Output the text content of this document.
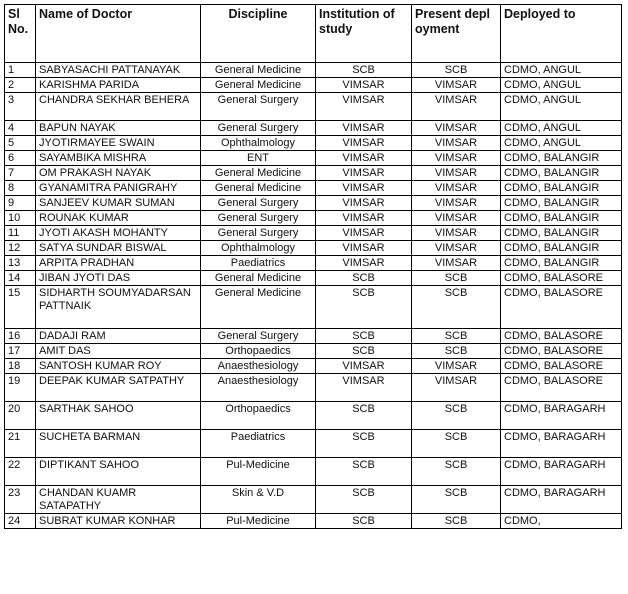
Sl No.	Name of Doctor	Discipline	Institution of study	Present deployment	Deployed to
1	SABYASACHI PATTANAYAK	General Medicine	SCB	SCB	CDMO, ANGUL
2	KARISHMA PARIDA	General Medicine	VIMSAR	VIMSAR	CDMO, ANGUL
3	CHANDRA SEKHAR BEHERA	General Surgery	VIMSAR	VIMSAR	CDMO, ANGUL
4	BAPUN NAYAK	General Surgery	VIMSAR	VIMSAR	CDMO, ANGUL
5	JYOTIRMAYEE SWAIN	Ophthalmology	VIMSAR	VIMSAR	CDMO, ANGUL
6	SAYAMBIKA MISHRA	ENT	VIMSAR	VIMSAR	CDMO, BALANGIR
7	OM PRAKASH NAYAK	General Medicine	VIMSAR	VIMSAR	CDMO, BALANGIR
8	GYANAMITRA PANIGRAHY	General Medicine	VIMSAR	VIMSAR	CDMO, BALANGIR
9	SANJEEV KUMAR SUMAN	General Surgery	VIMSAR	VIMSAR	CDMO, BALANGIR
10	ROUNAK KUMAR	General Surgery	VIMSAR	VIMSAR	CDMO, BALANGIR
11	JYOTI AKASH MOHANTY	General Surgery	VIMSAR	VIMSAR	CDMO, BALANGIR
12	SATYA SUNDAR BISWAL	Ophthalmology	VIMSAR	VIMSAR	CDMO, BALANGIR
13	ARPITA PRADHAN	Paediatrics	VIMSAR	VIMSAR	CDMO, BALANGIR
14	JIBAN JYOTI DAS	General Medicine	SCB	SCB	CDMO, BALASORE
15	SIDHARTH SOUMYADARSAN PATTNAIK	General Medicine	SCB	SCB	CDMO, BALASORE
16	DADAJI RAM	General Surgery	SCB	SCB	CDMO, BALASORE
17	AMIT DAS	Orthopaedics	SCB	SCB	CDMO, BALASORE
18	SANTOSH KUMAR ROY	Anaesthesiology	VIMSAR	VIMSAR	CDMO, BALASORE
19	DEEPAK KUMAR SATPATHY	Anaesthesiology	VIMSAR	VIMSAR	CDMO, BALASORE
20	SARTHAK SAHOO	Orthopaedics	SCB	SCB	CDMO, BARAGARH
21	SUCHETA BARMAN	Paediatrics	SCB	SCB	CDMO, BARAGARH
22	DIPTIKANT SAHOO	Pul-Medicine	SCB	SCB	CDMO, BARAGARH
23	CHANDAN KUAMR SATAPATHY	Skin & V.D	SCB	SCB	CDMO, BARAGARH
24	SUBRAT KUMAR KONHAR	Pul-Medicine	SCB	SCB	CDMO,
